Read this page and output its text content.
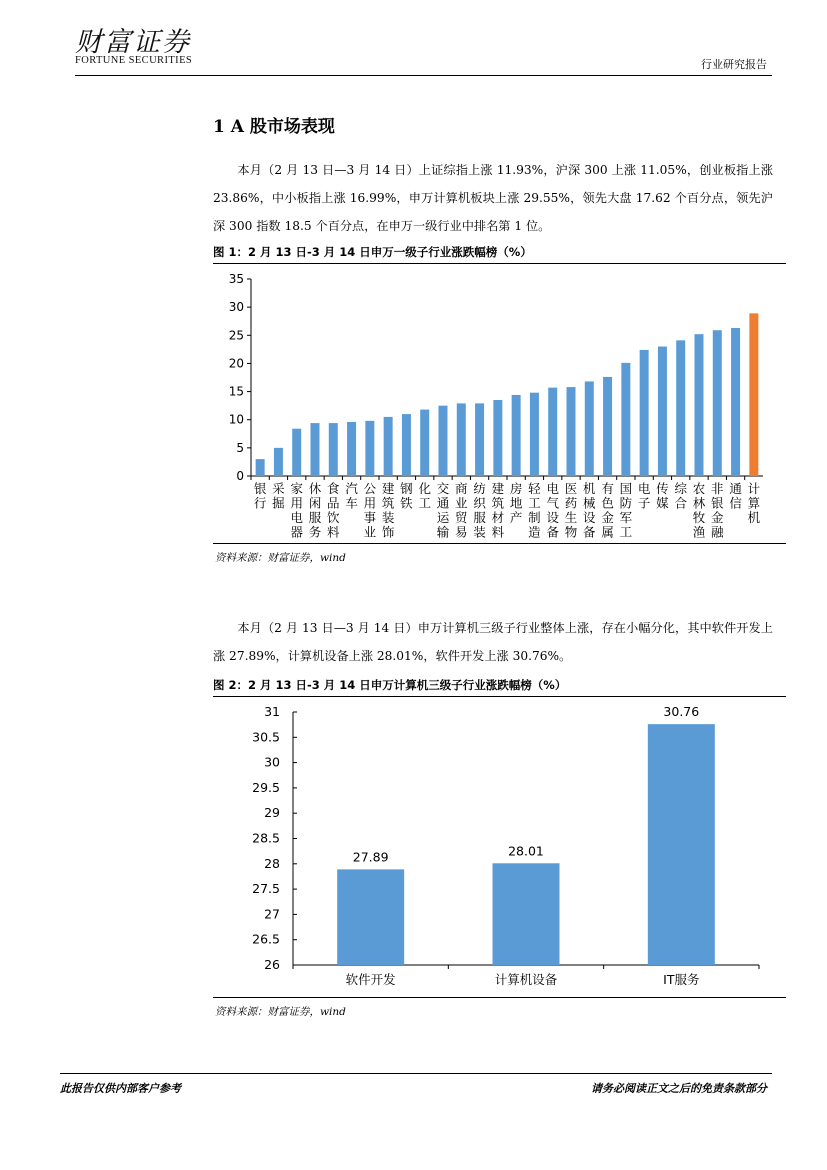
财富证券
FORTUNE SECURITIES	行业研究报告
1 A 股市场表现
本月（2 月 13 日—3 月 14 日）上证综指上涨 11.93%，沪深 300 上涨 11.05%，创业板指上涨 23.86%，中小板指上涨 16.99%，申万计算机板块上涨 29.55%，领先大盘 17.62 个百分点，领先沪深 300 指数 18.5 个百分点，在申万一级行业中排名第 1 位。
图 1：2 月 13 日-3 月 14 日申万一级子行业涨跌幅榜（%）
0
5
10
15
20
25
30
35
银行
采掘
家用电器
休闲服务
食品饮料
汽车
公用事业
建筑装饰
钢铁
化工
交通运输
商业贸易
纺织服装
建筑材料
房地产
轻工制造
电气设备
医药生物
机械设备
有色金属
国防军工
电子
传媒
综合
农林牧渔
非银金融
通信
计算机
资料来源：财富证券，wind
本月（2 月 13 日—3 月 14 日）申万计算机三级子行业整体上涨，存在小幅分化，其中软件开发上涨 27.89%，计算机设备上涨 28.01%，软件开发上涨 30.76%。
图 2：2 月 13 日-3 月 14 日申万计算机三级子行业涨跌幅榜（%）
26
26.5
27
27.5
28
28.5
29
29.5
30
30.5
31
27.89
软件开发
28.01
计算机设备
30.76
IT服务
资料来源：财富证券，wind
此报告仅供内部客户参考	请务必阅读正文之后的免责条款部分
